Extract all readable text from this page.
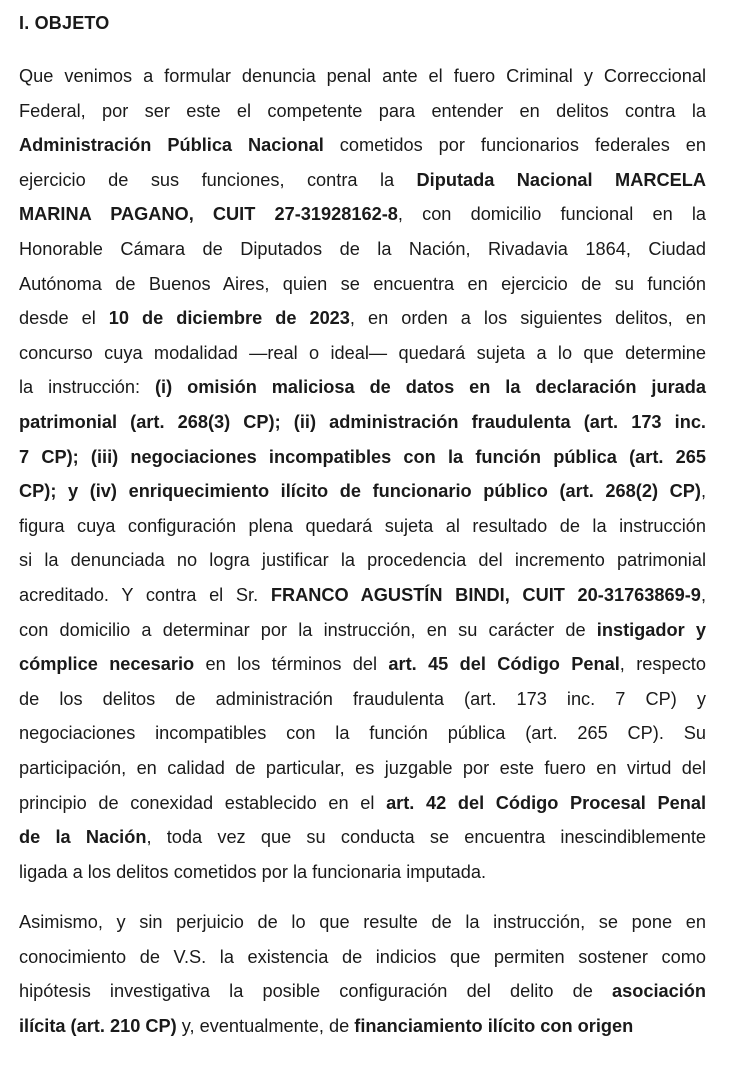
I. OBJETO
Que venimos a formular denuncia penal ante el fuero Criminal y Correccional
Federal, por ser este el competente para entender en delitos contra la
Administración Pública Nacional cometidos por funcionarios federales en
ejercicio de sus funciones, contra la Diputada Nacional MARCELA
MARINA PAGANO, CUIT 27-31928162-8, con domicilio funcional en la
Honorable Cámara de Diputados de la Nación, Rivadavia 1864, Ciudad
Autónoma de Buenos Aires, quien se encuentra en ejercicio de su función
desde el 10 de diciembre de 2023, en orden a los siguientes delitos, en
concurso cuya modalidad —real o ideal— quedará sujeta a lo que determine
la instrucción: (i) omisión maliciosa de datos en la declaración jurada
patrimonial (art. 268(3) CP); (ii) administración fraudulenta (art. 173 inc.
7 CP); (iii) negociaciones incompatibles con la función pública (art. 265
CP); y (iv) enriquecimiento ilícito de funcionario público (art. 268(2) CP),
figura cuya configuración plena quedará sujeta al resultado de la instrucción
si la denunciada no logra justificar la procedencia del incremento patrimonial
acreditado. Y contra el Sr. FRANCO AGUSTÍN BINDI, CUIT 20-31763869-9,
con domicilio a determinar por la instrucción, en su carácter de instigador y
cómplice necesario en los términos del art. 45 del Código Penal, respecto
de los delitos de administración fraudulenta (art. 173 inc. 7 CP) y
negociaciones incompatibles con la función pública (art. 265 CP). Su
participación, en calidad de particular, es juzgable por este fuero en virtud del
principio de conexidad establecido en el art. 42 del Código Procesal Penal
de la Nación, toda vez que su conducta se encuentra inescindiblemente
ligada a los delitos cometidos por la funcionaria imputada.
Asimismo, y sin perjuicio de lo que resulte de la instrucción, se pone en
conocimiento de V.S. la existencia de indicios que permiten sostener como
hipótesis investigativa la posible configuración del delito de asociación
ilícita (art. 210 CP) y, eventualmente, de financiamiento ilícito con origen
